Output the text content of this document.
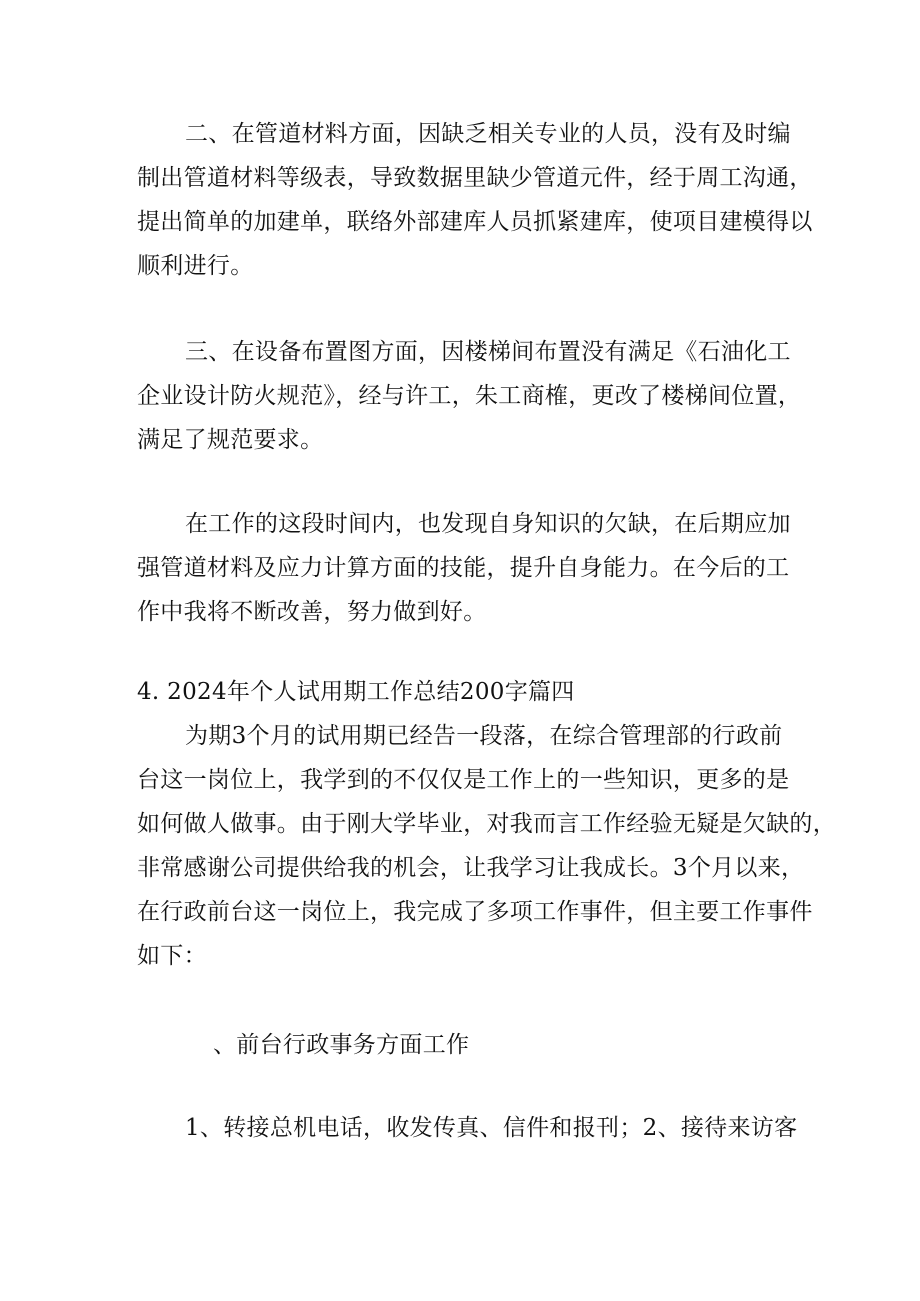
二、在管道材料方面，因缺乏相关专业的人员，没有及时编
制出管道材料等级表，导致数据里缺少管道元件，经于周工沟通，
提出简单的加建单，联络外部建库人员抓紧建库，使项目建模得以
顺利进行。
三、在设备布置图方面，因楼梯间布置没有满足《石油化工
企业设计防火规范》，经与许工，朱工商榷，更改了楼梯间位置，
满足了规范要求。
在工作的这段时间内，也发现自身知识的欠缺，在后期应加
强管道材料及应力计算方面的技能，提升自身能力。在今后的工
作中我将不断改善，努力做到好。
4. 2024年个人试用期工作总结200字篇四
为期3个月的试用期已经告一段落，在综合管理部的行政前
台这一岗位上，我学到的不仅仅是工作上的一些知识，更多的是
如何做人做事。由于刚大学毕业，对我而言工作经验无疑是欠缺的，
非常感谢公司提供给我的机会，让我学习让我成长。3个月以来，
在行政前台这一岗位上，我完成了多项工作事件，但主要工作事件
如下：
、前台行政事务方面工作
1、转接总机电话，收发传真、信件和报刊；2、接待来访客
